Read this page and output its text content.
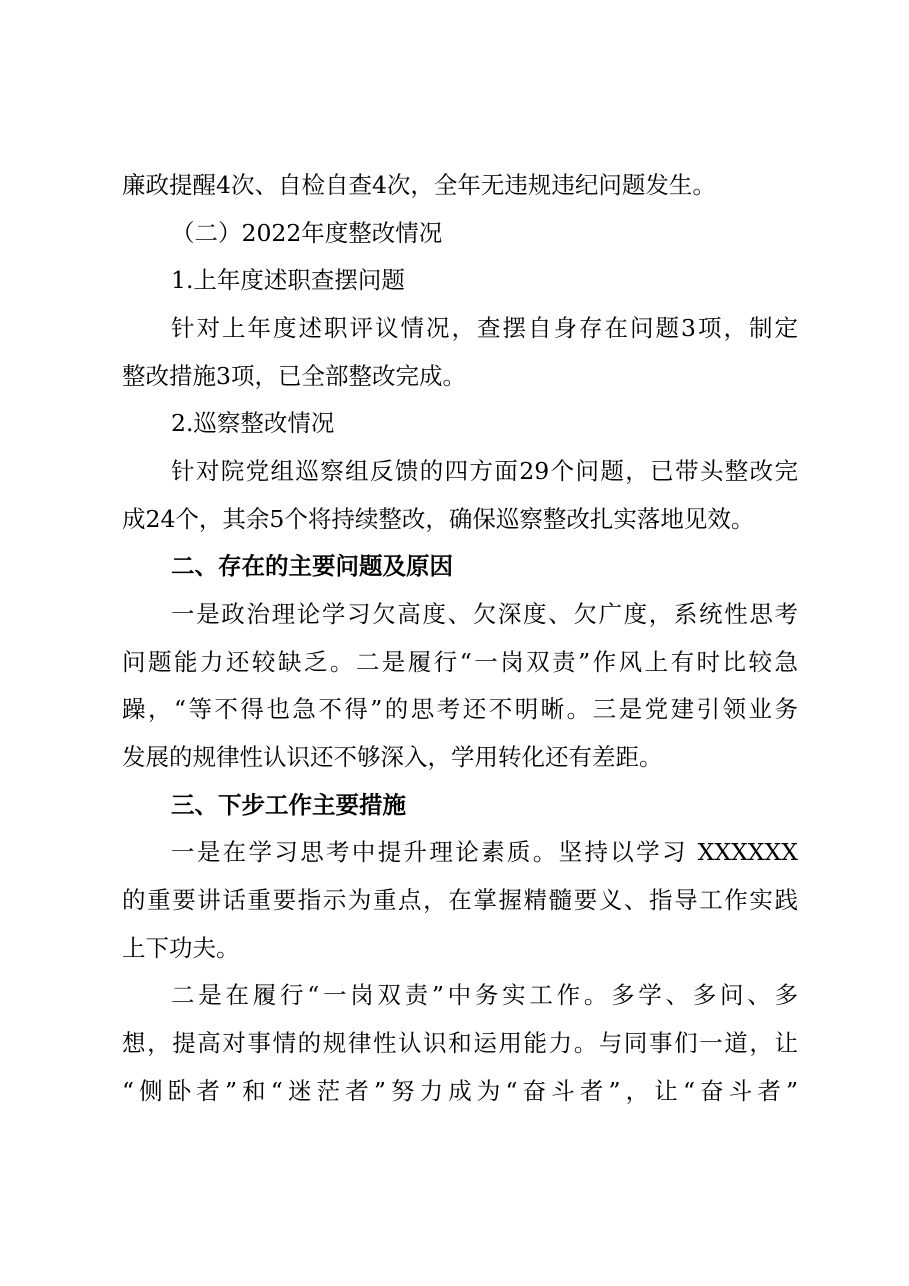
廉政提醒4次、自检自查4次，全年无违规违纪问题发生。
（二）2022年度整改情况
1.上年度述职查摆问题
针对上年度述职评议情况，查摆自身存在问题3项，制定
整改措施3项，已全部整改完成。
2.巡察整改情况
针对院党组巡察组反馈的四方面29个问题，已带头整改完
成24个，其余5个将持续整改，确保巡察整改扎实落地见效。
二、存在的主要问题及原因
一是政治理论学习欠高度、欠深度、欠广度，系统性思考
问题能力还较缺乏。二是履行“一岗双责”作风上有时比较急
躁，“等不得也急不得”的思考还不明晰。三是党建引领业务
发展的规律性认识还不够深入，学用转化还有差距。
三、下步工作主要措施
一是在学习思考中提升理论素质。坚持以学习 XXXXXX
的重要讲话重要指示为重点，在掌握精髓要义、指导工作实践
上下功夫。
二是在履行“一岗双责”中务实工作。多学、多问、多
想，提高对事情的规律性认识和运用能力。与同事们一道，让
“侧卧者”和“迷茫者”努力成为“奋斗者”，让“奋斗者”
